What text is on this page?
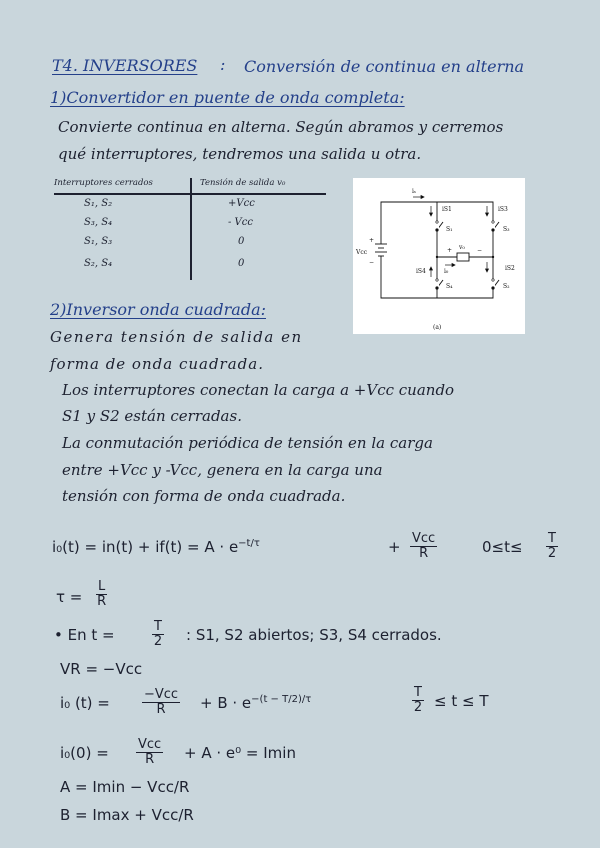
T4. INVERSORES : Conversión de continua en alterna
1)Convertidor en puente de onda completa:
Convierte continua en alterna. Según abramos y cerremos
qué interruptores, tendremos una salida u otra.
Interruptores cerrados	Tensión de salida v₀
S₁, S₂	+Vcc
S₃, S₄	- Vcc
S₁, S₃	0
S₂, S₄	0
iₛ
Vcc
+
−
iS1	iS3
S₁	S₃
v₀
+	−
iS4	i₀	iS2
S₄	S₂
(a)
2)Inversor onda cuadrada:
Genera tensión de salida en
forma de onda cuadrada.
Los interruptores conectan la carga a +Vcc cuando
S1 y S2 están cerradas.
La conmutación periódica de tensión en la carga
entre +Vcc y -Vcc, genera en la carga una
tensión con forma de onda cuadrada.
$i_0(t) = in(t) + if(t) = A \cdot e^{-t/\tau}$	+ Vcc
R	$0\le t\le \frac{T}{2}$
$\tau = \frac{L}{R}$
• En t =	$\frac{T}{2}$ : S1, S2 abiertos; S3, S4 cerrados.
VR = −Vcc
i₀ (t) =	−Vcc
R	+ $B \cdot e^{-(t - T/2)/\tau}$	$\frac{T}{2} \le t \le T$
i₀(0) = Vcc
R	+ A · e⁰ = Imin
A = Imin − Vcc/R
B = Imax + Vcc/R
